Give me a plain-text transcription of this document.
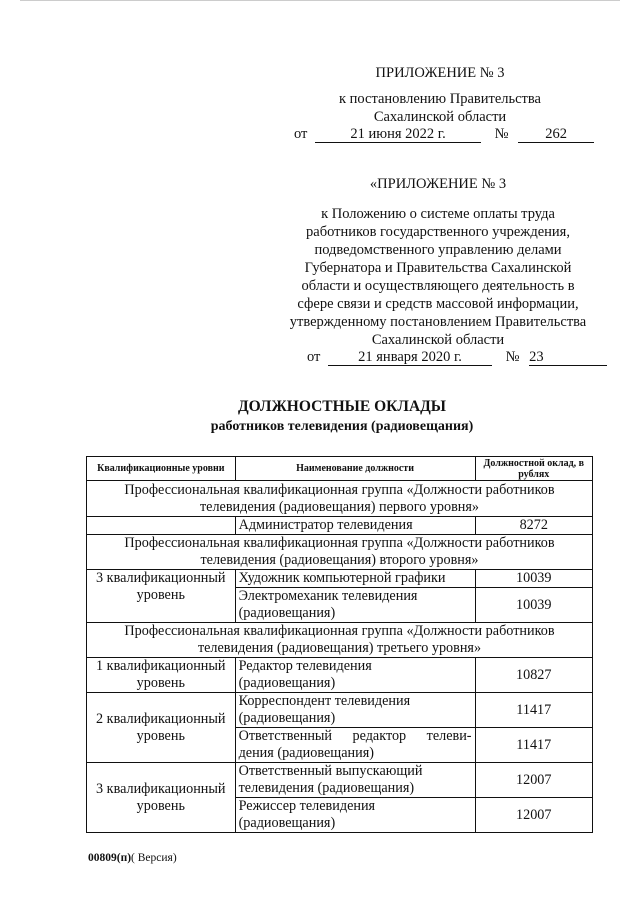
ПРИЛОЖЕНИЕ № 3
к постановлению Правительства
Сахалинской области
от	21 июня 2022 г.	№	262
«ПРИЛОЖЕНИЕ № 3
к Положению о системе оплаты труда
работников государственного учреждения,
подведомственного управлению делами
Губернатора и Правительства Сахалинской
области и осуществляющего деятельность в
сфере связи и средств массовой информации,
утвержденному постановлением Правительства
Сахалинской области
от	21 января 2020 г.	№ 23
ДОЛЖНОСТНЫЕ ОКЛАДЫ
работников телевидения (радиовещания)
Квалификационные уровни	Наименование должности	Должностной оклад, в рублях
Профессиональная квалификационная группа «Должности работников телевидения (радиовещания) первого уровня»		
	Администратор телевидения	8272
Профессиональная квалификационная группа «Должности работников телевидения (радиовещания) второго уровня»		
3 квалификационный уровень	Художник компьютерной графики	10039
	Электромеханик телевидения (радиовещания)	10039
Профессиональная квалификационная группа «Должности работников телевидения (радиовещания) третьего уровня»		
1 квалификационный уровень	Редактор телевидения (радиовещания)	10827
2 квалификационный уровень	Корреспондент телевидения (радиовещания)	11417
	Ответственный редактор телеви-дения (радиовещания)	11417
3 квалификационный уровень	Ответственный выпускающий телевидения (радиовещания)	12007
	Режиссер телевидения (радиовещания)	12007
00809(п)( Версия)
